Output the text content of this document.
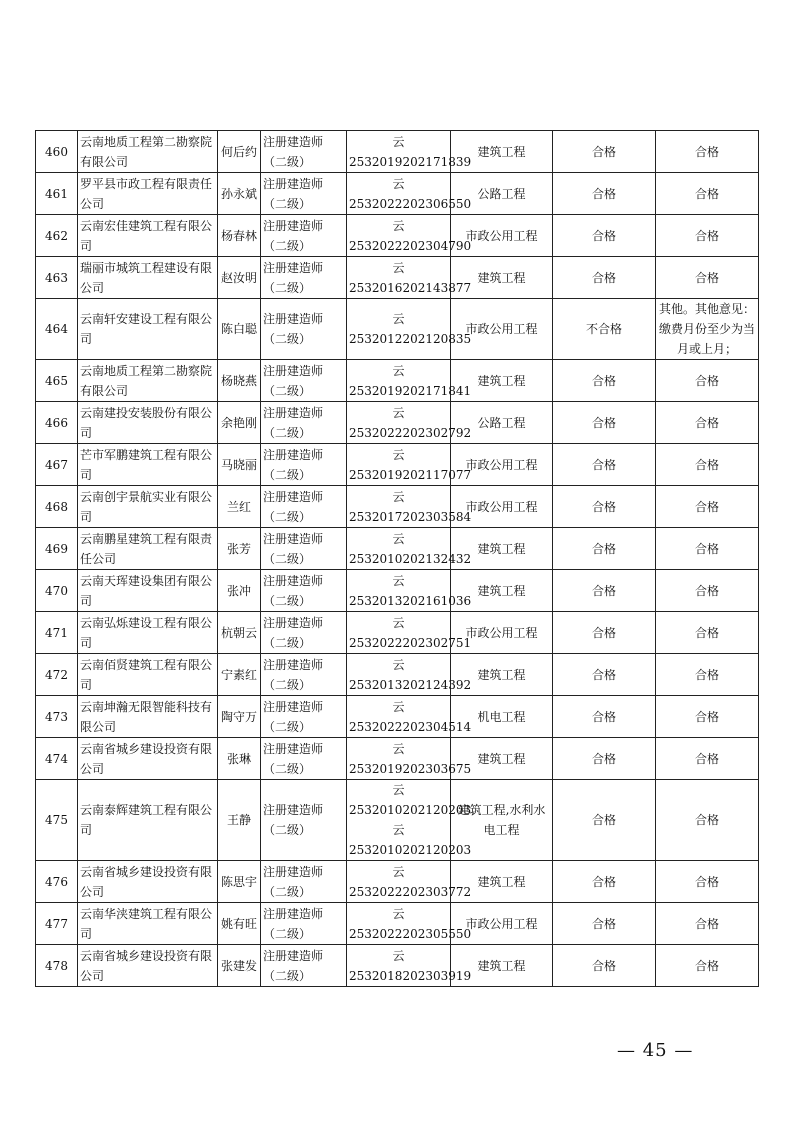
460	云南地质工程第二勘察院有限公司	何后约	注册建造师（二级）	云
2532019202171839	建筑工程	合格	合格
461	罗平县市政工程有限责任公司	孙永斌	注册建造师（二级）	云
2532022202306550	公路工程	合格	合格
462	云南宏佳建筑工程有限公司	杨春林	注册建造师（二级）	云
2532022202304790	市政公用工程	合格	合格
463	瑞丽市城筑工程建设有限公司	赵汝明	注册建造师（二级）	云
2532016202143877	建筑工程	合格	合格
464	云南轩安建设工程有限公司	陈白聪	注册建造师（二级）	云
2532012202120835	市政公用工程	不合格	其他。其他意见：缴费月份至少为当月或上月；
465	云南地质工程第二勘察院有限公司	杨晓燕	注册建造师（二级）	云
2532019202171841	建筑工程	合格	合格
466	云南建投安装股份有限公司	余艳刚	注册建造师（二级）	云
2532022202302792	公路工程	合格	合格
467	芒市军鹏建筑工程有限公司	马晓丽	注册建造师（二级）	云
2532019202117077	市政公用工程	合格	合格
468	云南创宇景航实业有限公司	兰红	注册建造师（二级）	云
2532017202303584	市政公用工程	合格	合格
469	云南鹏星建筑工程有限责任公司	张芳	注册建造师（二级）	云
2532010202132432	建筑工程	合格	合格
470	云南天珲建设集团有限公司	张冲	注册建造师（二级）	云
2532013202161036	建筑工程	合格	合格
471	云南弘烁建设工程有限公司	杭朝云	注册建造师（二级）	云
2532022202302751	市政公用工程	合格	合格
472	云南佰贤建筑工程有限公司	宁素红	注册建造师（二级）	云
2532013202124392	建筑工程	合格	合格
473	云南坤瀚无限智能科技有限公司	陶守万	注册建造师（二级）	云
2532022202304514	机电工程	合格	合格
474	云南省城乡建设投资有限公司	张琳	注册建造师（二级）	云
2532019202303675	建筑工程	合格	合格
475	云南泰辉建筑工程有限公司	王静	注册建造师（二级）	云
2532010202120203,
云
2532010202120203	建筑工程,水利水电工程	合格	合格
476	云南省城乡建设投资有限公司	陈思宇	注册建造师（二级）	云
2532022202303772	建筑工程	合格	合格
477	云南华浃建筑工程有限公司	姚有旺	注册建造师（二级）	云
2532022202305550	市政公用工程	合格	合格
478	云南省城乡建设投资有限公司	张建发	注册建造师（二级）	云
2532018202303919	建筑工程	合格	合格
— 45 —
